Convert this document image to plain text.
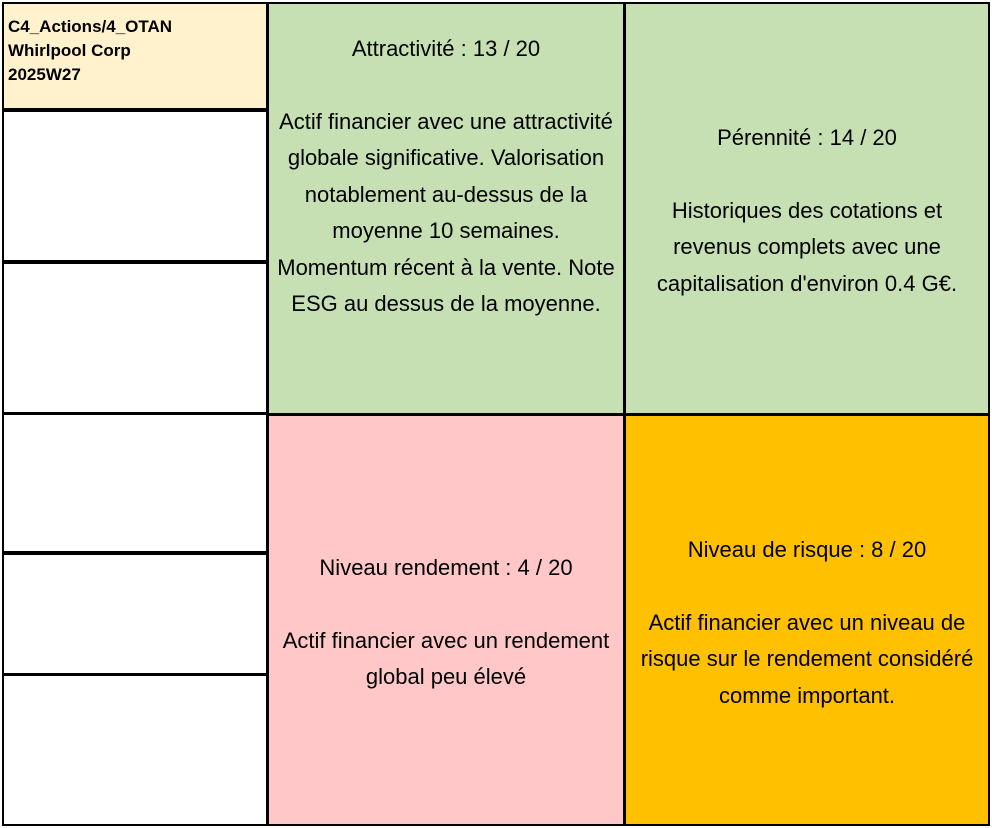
C4_Actions/4_OTAN
Whirlpool Corp
2025W27
Attractivité : 13 / 20
Actif financier avec une attractivité globale significative. Valorisation notablement au-dessus de la moyenne 10 semaines. Momentum récent à la vente. Note ESG au dessus de la moyenne.
Pérennité : 14 / 20
Historiques des cotations et revenus complets avec une capitalisation d'environ 0.4 G€.
Niveau rendement : 4 / 20
Actif financier avec un rendement global peu élevé
Niveau de risque : 8 / 20
Actif financier avec un niveau de risque sur le rendement considéré comme important.
